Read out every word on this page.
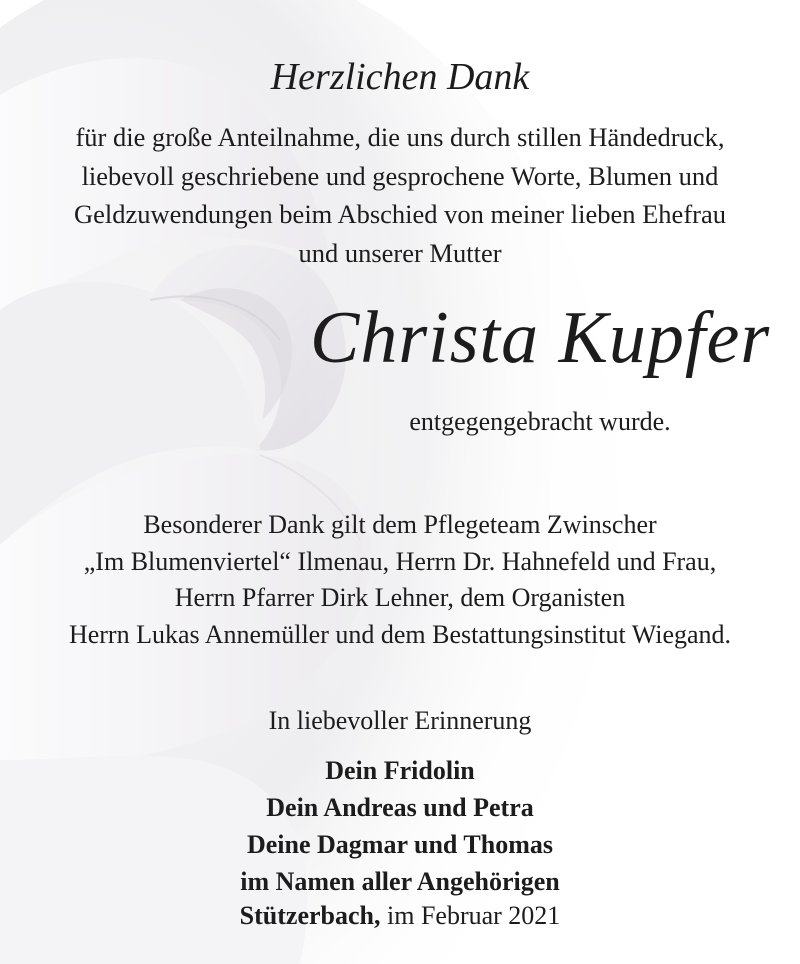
Herzlichen Dank
für die große Anteilnahme, die uns durch stillen Händedruck,
liebevoll geschriebene und gesprochene Worte, Blumen und
Geldzuwendungen beim Abschied von meiner lieben Ehefrau
und unserer Mutter
Christa Kupfer
entgegengebracht wurde.
Besonderer Dank gilt dem Pflegeteam Zwinscher
„Im Blumenviertel“ Ilmenau, Herrn Dr. Hahnefeld und Frau,
Herrn Pfarrer Dirk Lehner, dem Organisten
Herrn Lukas Annemüller und dem Bestattungsinstitut Wiegand.
In liebevoller Erinnerung
Dein Fridolin
Dein Andreas und Petra
Deine Dagmar und Thomas
im Namen aller Angehörigen
Stützerbach, im Februar 2021
